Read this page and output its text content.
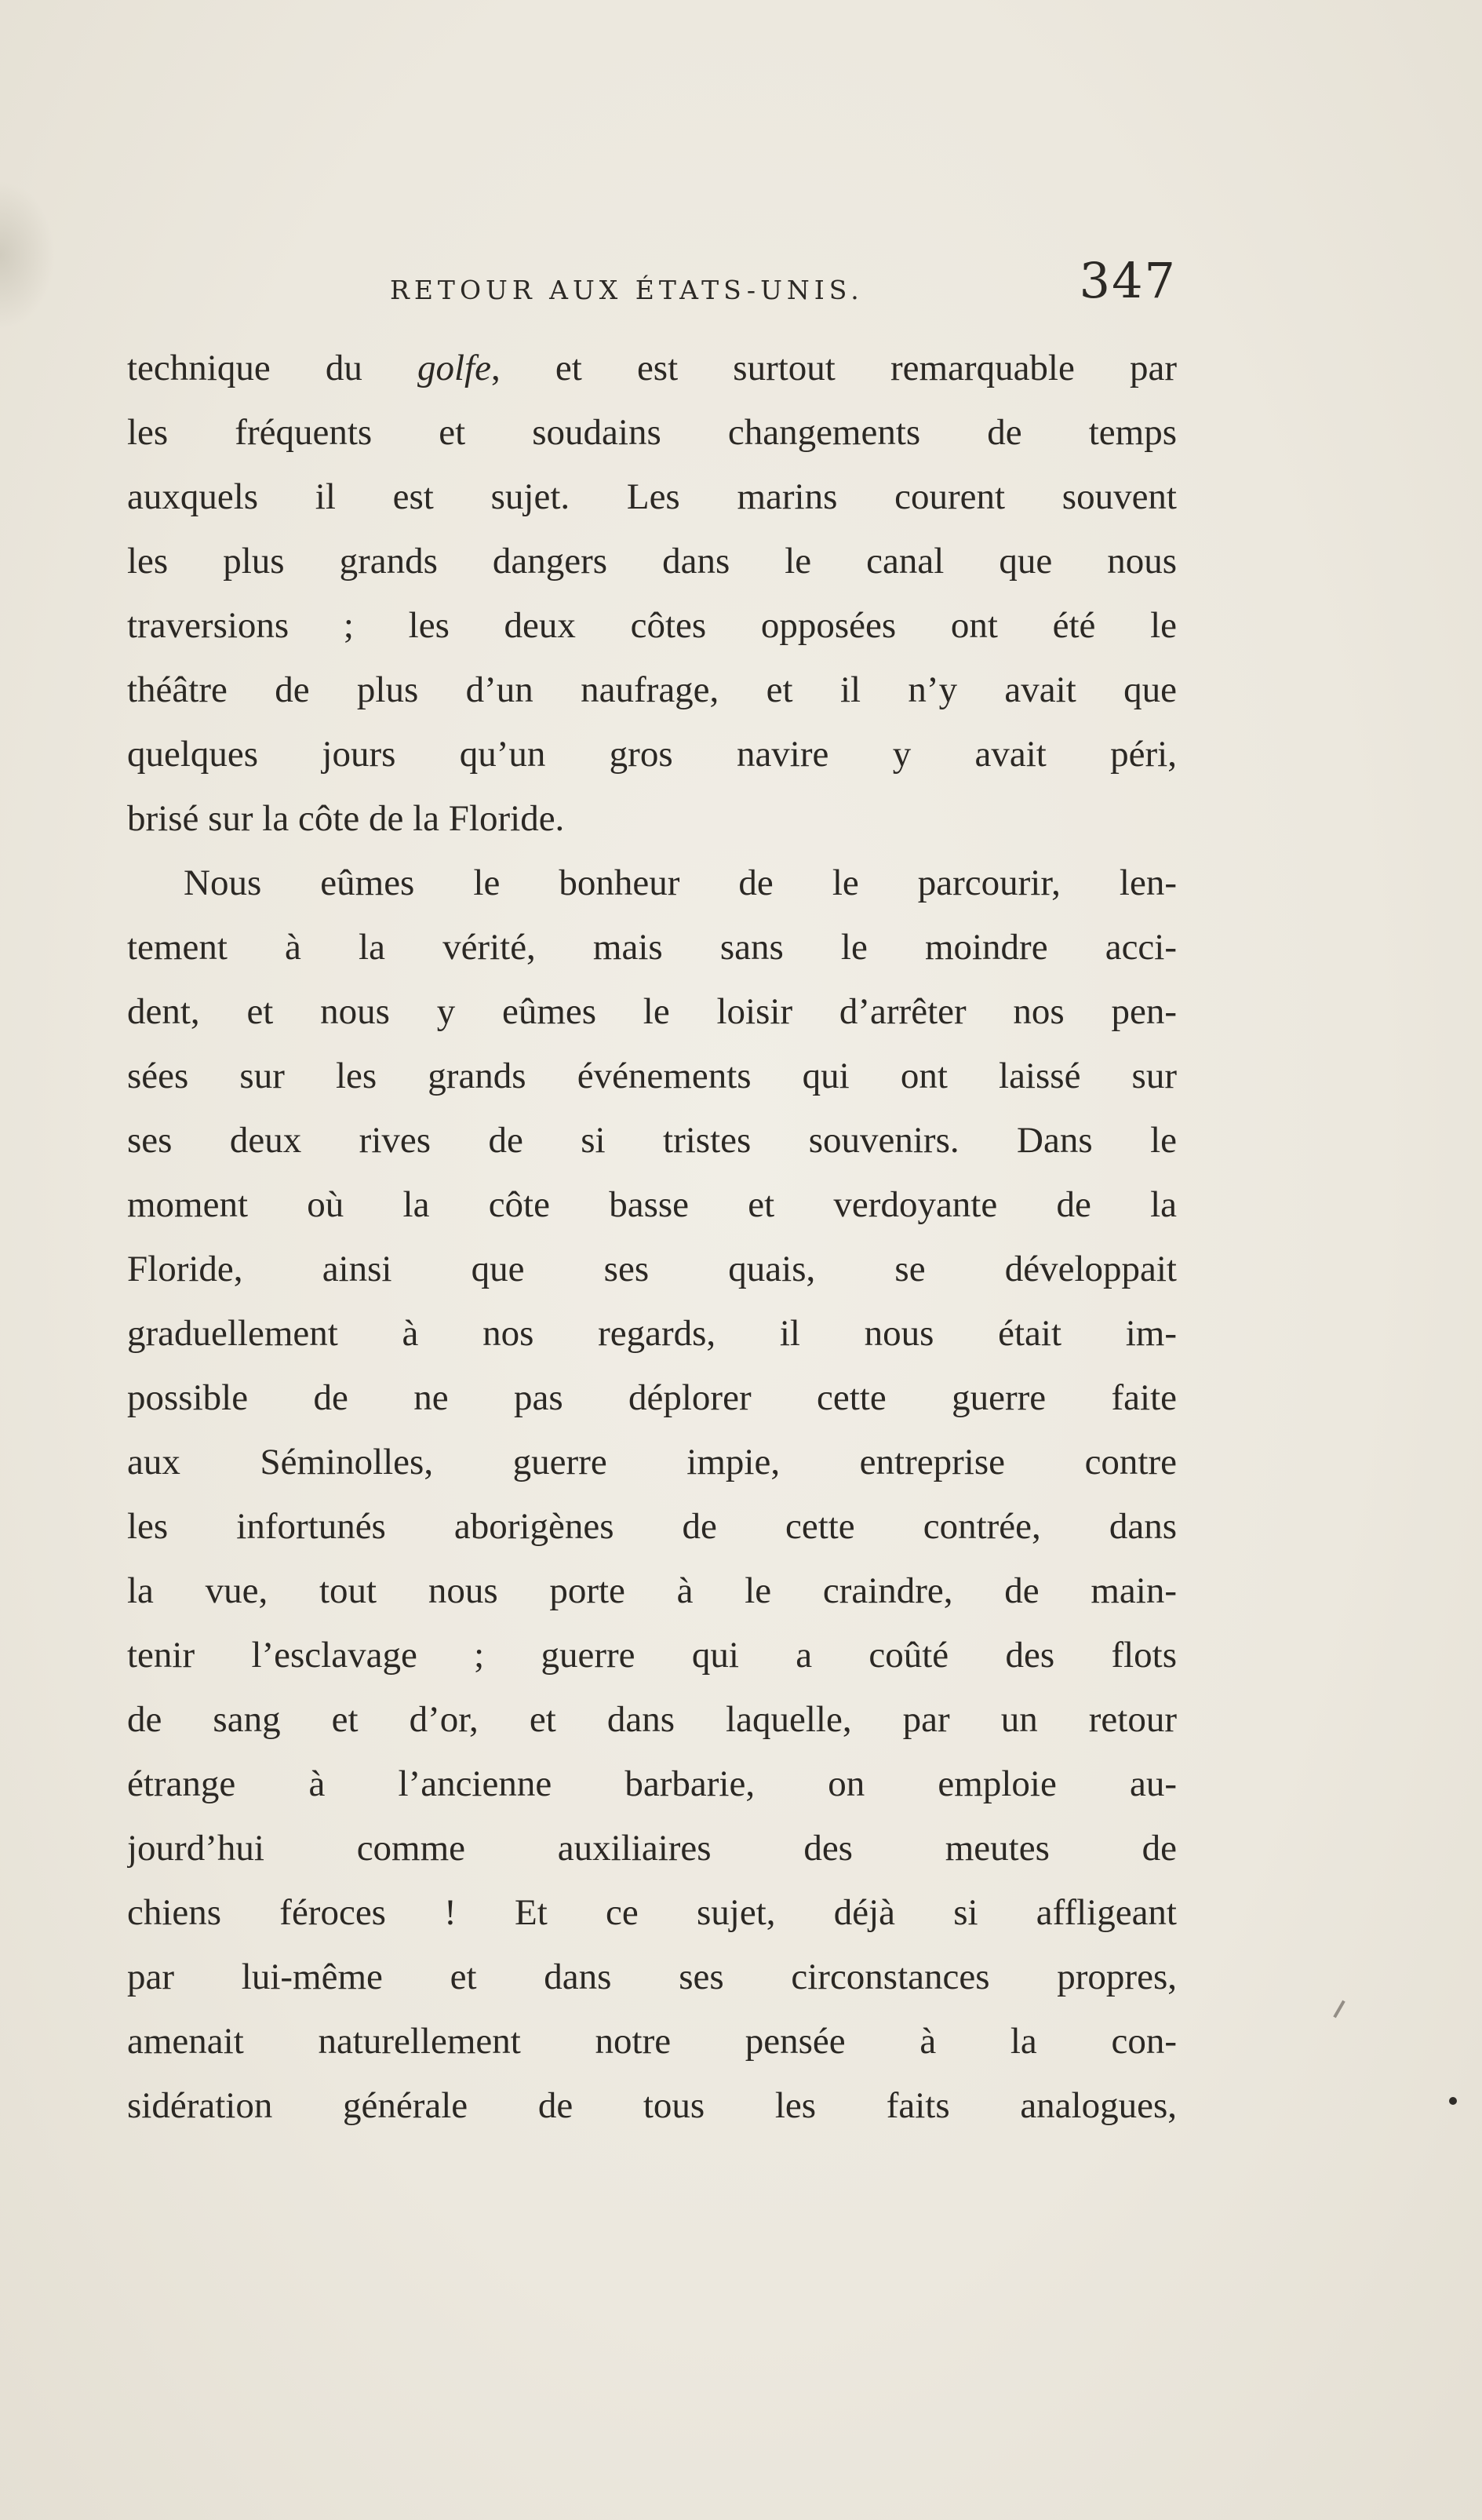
RETOUR AUX ÉTATS-UNIS.	347
technique du golfe, et est surtout remarquable par
les fréquents et soudains changements de temps
auxquels il est sujet. Les marins courent souvent
les plus grands dangers dans le canal que nous
traversions ; les deux côtes opposées ont été le
théâtre de plus d’un naufrage, et il n’y avait que
quelques jours qu’un gros navire y avait péri,
brisé sur la côte de la Floride.
Nous eûmes le bonheur de le parcourir, len-
tement à la vérité, mais sans le moindre acci-
dent, et nous y eûmes le loisir d’arrêter nos pen-
sées sur les grands événements qui ont laissé sur
ses deux rives de si tristes souvenirs. Dans le
moment où la côte basse et verdoyante de la
Floride, ainsi que ses quais, se développait
graduellement à nos regards, il nous était im-
possible de ne pas déplorer cette guerre faite
aux Séminolles, guerre impie, entreprise contre
les infortunés aborigènes de cette contrée, dans
la vue, tout nous porte à le craindre, de main-
tenir l’esclavage ; guerre qui a coûté des flots
de sang et d’or, et dans laquelle, par un retour
étrange à l’ancienne barbarie, on emploie au-
jourd’hui comme auxiliaires des meutes de
chiens féroces ! Et ce sujet, déjà si affligeant
par lui-même et dans ses circonstances propres,
amenait naturellement notre pensée à la con-
sidération générale de tous les faits analogues,
